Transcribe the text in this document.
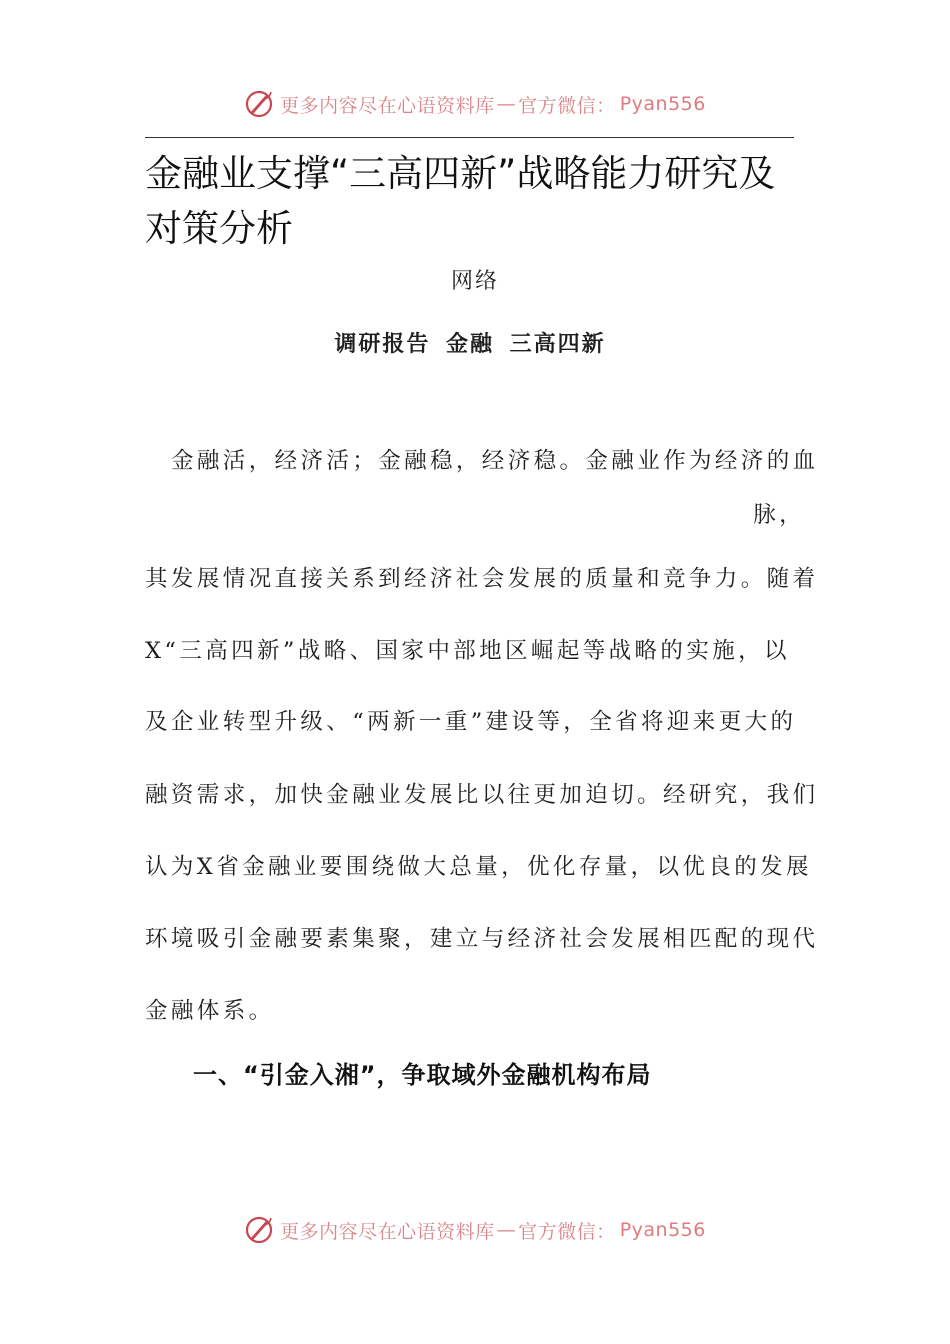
更多内容尽在心语资料库 — 官方微信： Pyan556
金融业支撑“三高四新”战略能力研究及
对策分析
网络
调研报告 金融 三高四新
金融活，经济活；金融稳，经济稳。金融业作为经济的血
脉，
其发展情况直接关系到经济社会发展的质量和竞争力。随着
X“三高四新”战略、国家中部地区崛起等战略的实施，以
及企业转型升级、“两新一重”建设等，全省将迎来更大的
融资需求，加快金融业发展比以往更加迫切。经研究，我们
认为X省金融业要围绕做大总量，优化存量，以优良的发展
环境吸引金融要素集聚，建立与经济社会发展相匹配的现代
金融体系。
一、“引金入湘”，争取域外金融机构布局
更多内容尽在心语资料库 — 官方微信： Pyan556
